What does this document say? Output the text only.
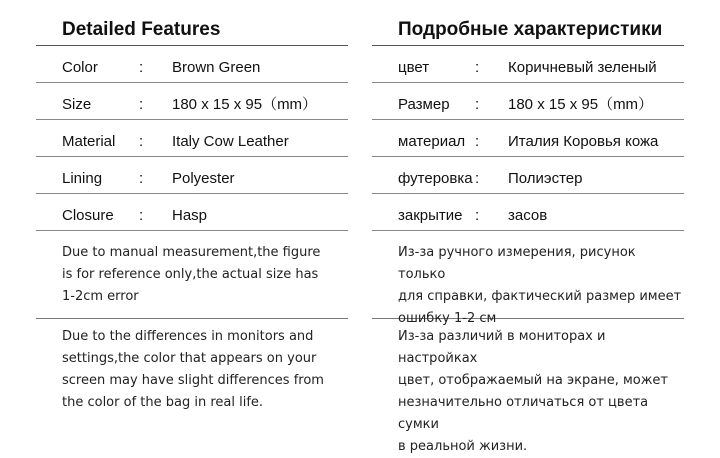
Detailed Features
Color	: Brown Green
Size	: 180 x 15 x 95（mm）
Material : Italy Cow Leather
Lining : Polyester
Closure : Hasp
Due to manual measurement,the figure
is for reference only,the actual size has
1-2cm error
Due to the differences in monitors and
settings,the color that appears on your
screen may have slight differences from
the color of the bag in real life.
Подробные характеристики
цвет	: Коричневый зеленый
Размер : 180 x 15 x 95（mm）
материал : Италия Коровья кожа
футеровка : Полиэстер
закрытие : засов
Из-за ручного измерения, рисунок только
для справки, фактический размер имеет
ошибку 1-2 см
Из-за различий в мониторах и настройках
цвет, отображаемый на экране, может
незначительно отличаться от цвета сумки
в реальной жизни.
